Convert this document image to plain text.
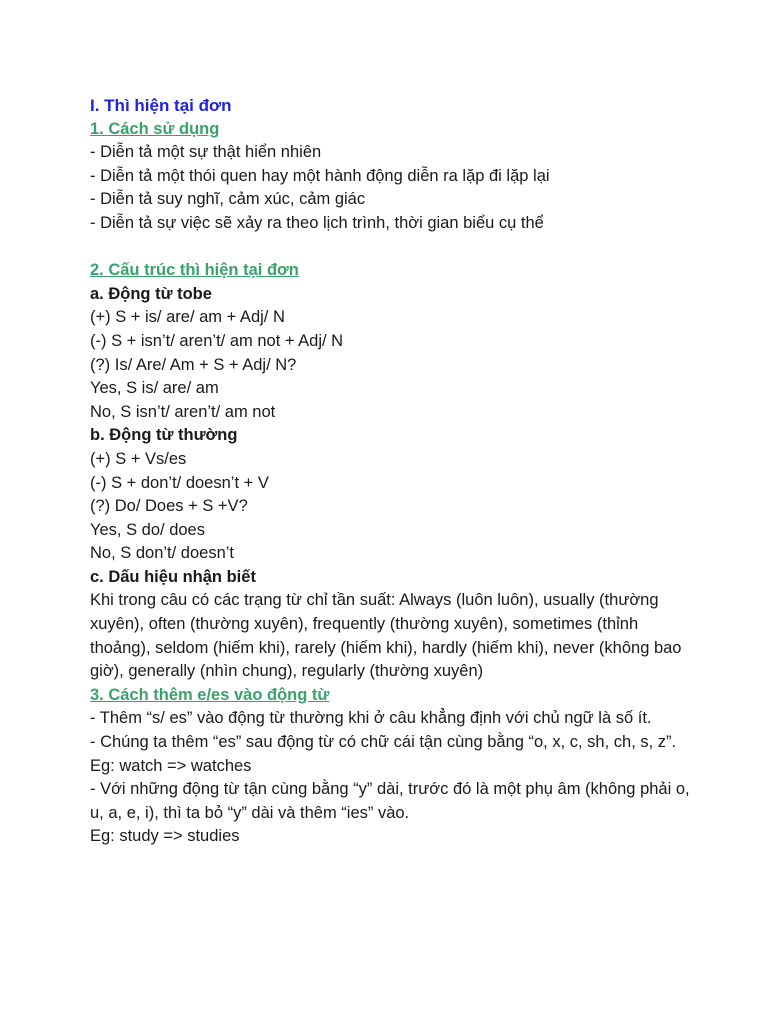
I. Thì hiện tại đơn
1. Cách sử dụng
- Diễn tả một sự thật hiển nhiên
- Diễn tả một thói quen hay một hành động diễn ra lặp đi lặp lại
- Diễn tả suy nghĩ, cảm xúc, cảm giác
- Diễn tả sự việc sẽ xảy ra theo lịch trình, thời gian biểu cụ thể
2. Cấu trúc thì hiện tại đơn
a. Động từ tobe
(+) S + is/ are/ am + Adj/ N
(-) S + isn’t/ aren’t/ am not + Adj/ N
(?) Is/ Are/ Am + S + Adj/ N?
Yes, S is/ are/ am
No, S isn’t/ aren’t/ am not
b. Động từ thường
(+) S + Vs/es
(-) S + don’t/ doesn’t + V
(?) Do/ Does + S +V?
Yes, S do/ does
No, S don’t/ doesn’t
c. Dấu hiệu nhận biết
Khi trong câu có các trạng từ chỉ tần suất: Always (luôn luôn), usually (thường xuyên), often (thường xuyên), frequently (thường xuyên), sometimes (thỉnh thoảng), seldom (hiếm khi), rarely (hiếm khi), hardly (hiếm khi), never (không bao giờ), generally (nhìn chung), regularly (thường xuyên)
3. Cách thêm e/es vào động từ
- Thêm “s/ es” vào động từ thường khi ở câu khẳng định với chủ ngữ là số ít.
- Chúng ta thêm “es” sau động từ có chữ cái tận cùng bằng “o, x, c, sh, ch, s, z”.
Eg: watch => watches
- Với những động từ tận cùng bằng “y” dài, trước đó là một phụ âm (không phải o, u, a, e, i), thì ta bỏ “y” dài và thêm “ies” vào.
Eg: study => studies
